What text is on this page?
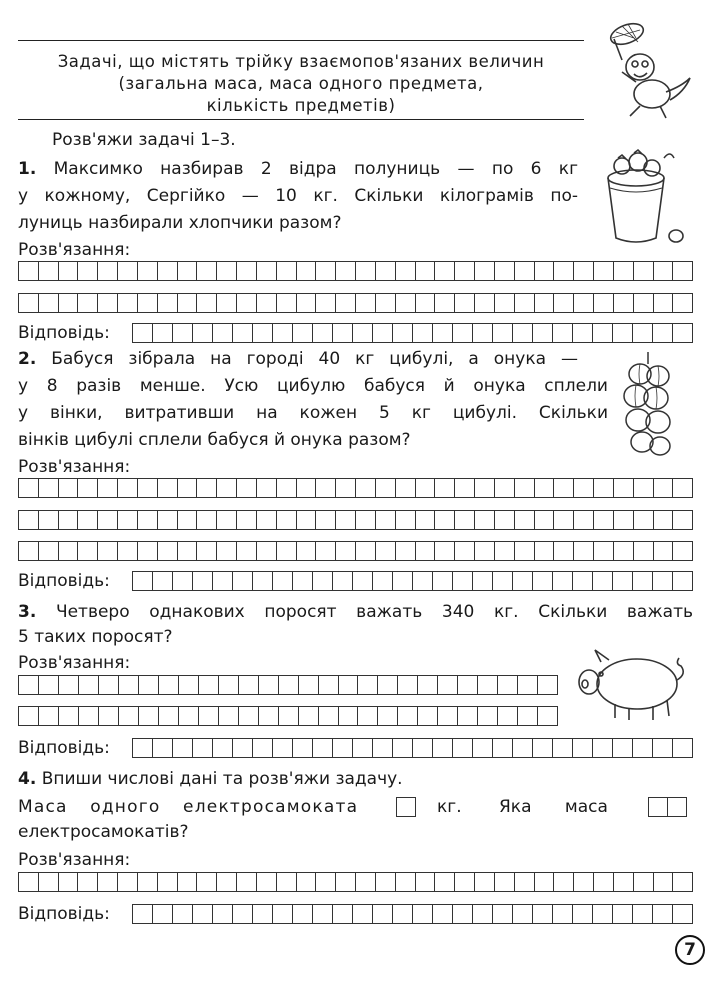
Задачі, що містять трійку взаємопов'язаних величин
(загальна маса, маса одного предмета,
кількість предметів)
Розв'яжи задачі 1–3.
1. Максимко назбирав 2 відра полуниць — по 6 кг
у кожному, Сергійко — 10 кг. Скільки кілограмів по-
луниць назбирали хлопчики разом?
Розв'язання:
Відповідь:
2. Бабуся зібрала на городі 40 кг цибулі, а онука —
у 8 разів менше. Усю цибулю бабуся й онука сплели
у вінки, витративши на кожен 5 кг цибулі. Скільки
вінків цибулі сплели бабуся й онука разом?
Розв'язання:
Відповідь:
3. Четверо однакових поросят важать 340 кг. Скільки важать
5 таких поросят?
Розв'язання:
Відповідь:
4. Впиши числові дані та розв'яжи задачу.
Маса одного електросамоката	кг. Яка маса
електросамокатів?
Розв'язання:
Відповідь:
7
